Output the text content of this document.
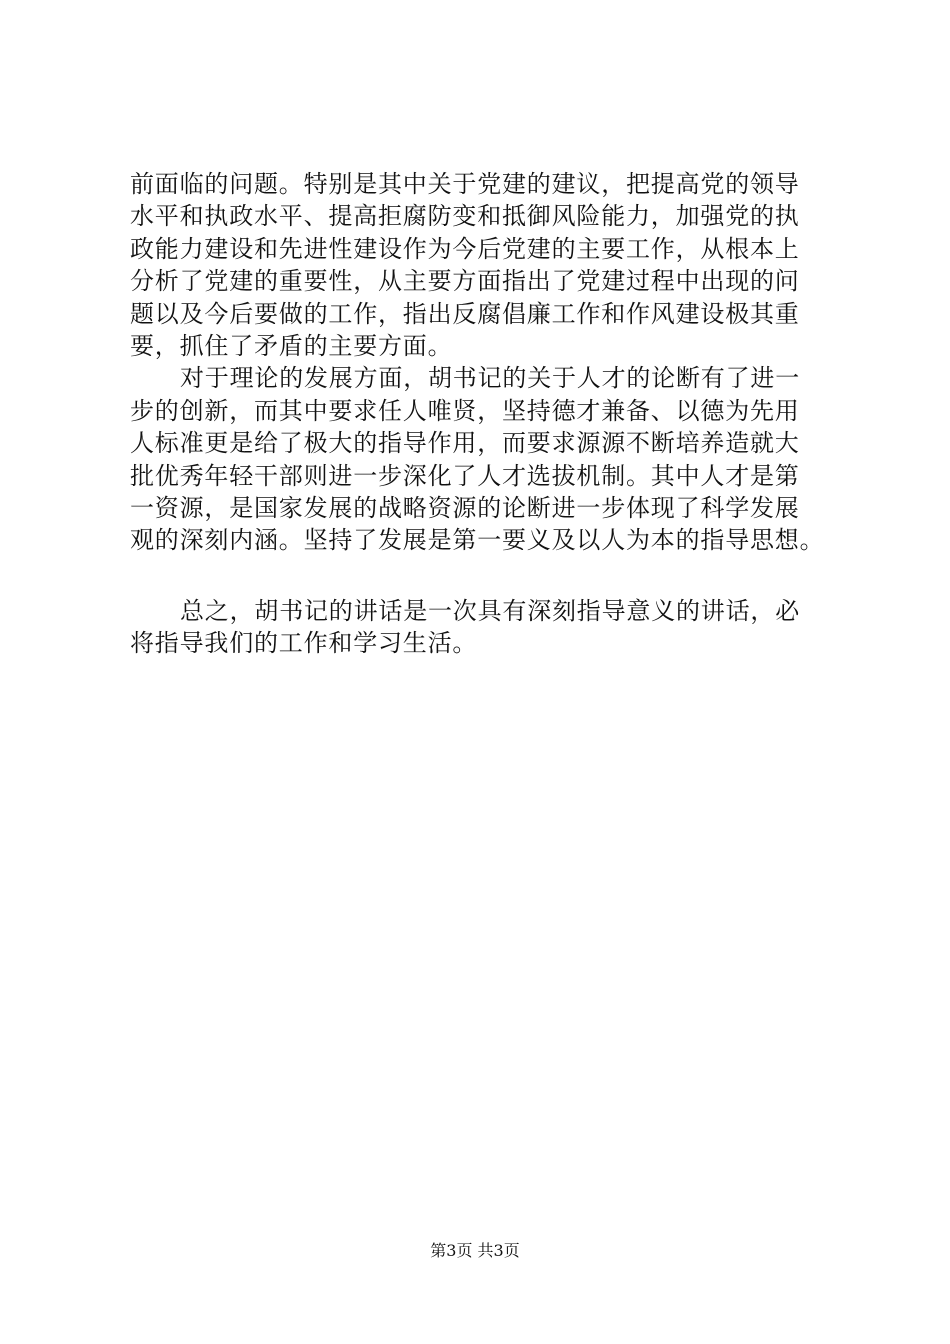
前面临的问题。特别是其中关于党建的建议，把提高党的领导
水平和执政水平、提高拒腐防变和抵御风险能力，加强党的执
政能力建设和先进性建设作为今后党建的主要工作，从根本上
分析了党建的重要性，从主要方面指出了党建过程中出现的问
题以及今后要做的工作，指出反腐倡廉工作和作风建设极其重
要，抓住了矛盾的主要方面。
对于理论的发展方面，胡书记的关于人才的论断有了进一
步的创新，而其中要求任人唯贤，坚持德才兼备、以德为先用
人标准更是给了极大的指导作用，而要求源源不断培养造就大
批优秀年轻干部则进一步深化了人才选拔机制。其中人才是第
一资源，是国家发展的战略资源的论断进一步体现了科学发展
观的深刻内涵。坚持了发展是第一要义及以人为本的指导思想。
总之，胡书记的讲话是一次具有深刻指导意义的讲话，必
将指导我们的工作和学习生活。
第3页 共3页
